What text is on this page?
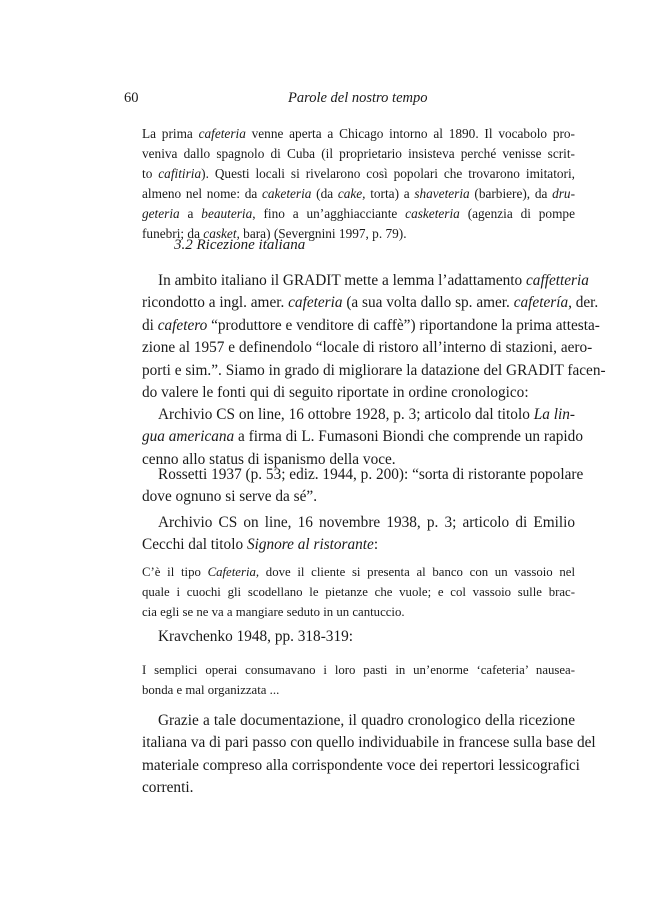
60	Parole del nostro tempo
La prima cafeteria venne aperta a Chicago intorno al 1890. Il vocabolo pro-
veniva dallo spagnolo di Cuba (il proprietario insisteva perché venisse scrit-
to cafitiria). Questi locali si rivelarono così popolari che trovarono imitatori,
almeno nel nome: da caketeria (da cake, torta) a shaveteria (barbiere), da dru-
geteria a beauteria, fino a un’agghiacciante casketeria (agenzia di pompe
funebri; da casket, bara) (Severgnini 1997, p. 79).
3.2 Ricezione italiana
In ambito italiano il GRADIT mette a lemma l’adattamento caffetteria
ricondotto a ingl. amer. cafeteria (a sua volta dallo sp. amer. cafetería, der.
di cafetero “produttore e venditore di caffè”) riportandone la prima attesta-
zione al 1957 e definendolo “locale di ristoro all’interno di stazioni, aero-
porti e sim.”. Siamo in grado di migliorare la datazione del GRADIT facen-
do valere le fonti qui di seguito riportate in ordine cronologico:
Archivio CS on line, 16 ottobre 1928, p. 3; articolo dal titolo La lin-
gua americana a firma di L. Fumasoni Biondi che comprende un rapido
cenno allo status di ispanismo della voce.
Rossetti 1937 (p. 53; ediz. 1944, p. 200): “sorta di ristorante popolare
dove ognuno si serve da sé”.
Archivio CS on line, 16 novembre 1938, p. 3; articolo di Emilio
Cecchi dal titolo Signore al ristorante:
C’è il tipo Cafeteria, dove il cliente si presenta al banco con un vassoio nel
quale i cuochi gli scodellano le pietanze che vuole; e col vassoio sulle brac-
cia egli se ne va a mangiare seduto in un cantuccio.
Kravchenko 1948, pp. 318-319:
I semplici operai consumavano i loro pasti in un’enorme ‘cafeteria’ nausea-
bonda e mal organizzata ...
Grazie a tale documentazione, il quadro cronologico della ricezione
italiana va di pari passo con quello individuabile in francese sulla base del
materiale compreso alla corrispondente voce dei repertori lessicografici
correnti.
